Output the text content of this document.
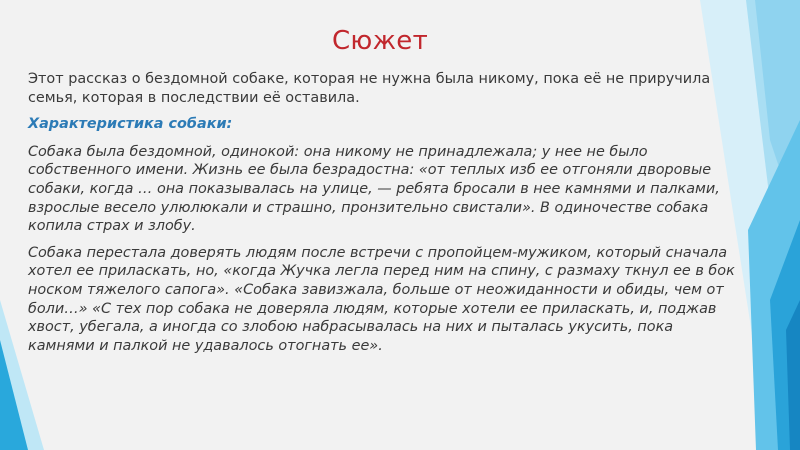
Сюжет

Этот рассказ о бездомной собаке, которая не нужна была никому, пока её не приручила семья, которая в последствии её оставила.

Характеристика собаки:

Собака была бездомной, одинокой: она никому не принадлежала; у нее не было собственного имени. Жизнь ее была безрадостна: «от теплых изб ее отгоняли дворовые собаки, когда … она показывалась на улице, — ребята бросали в нее камнями и палками, взрослые весело улюлюкали и страшно, пронзительно свистали». В одиночестве собака копила страх и злобу.

Собака перестала доверять людям после встречи с пропойцем-мужиком, который сначала хотел ее приласкать, но, «когда Жучка легла перед ним на спину, с размаху ткнул ее в бок носком тяжелого сапога». «Собака завизжала, больше от неожиданности и обиды, чем от боли…» «С тех пор собака не доверяла людям, которые хотели ее приласкать, и, поджав хвост, убегала, а иногда со злобою набрасывалась на них и пыталась укусить, пока камнями и палкой не удавалось отогнать ее».
